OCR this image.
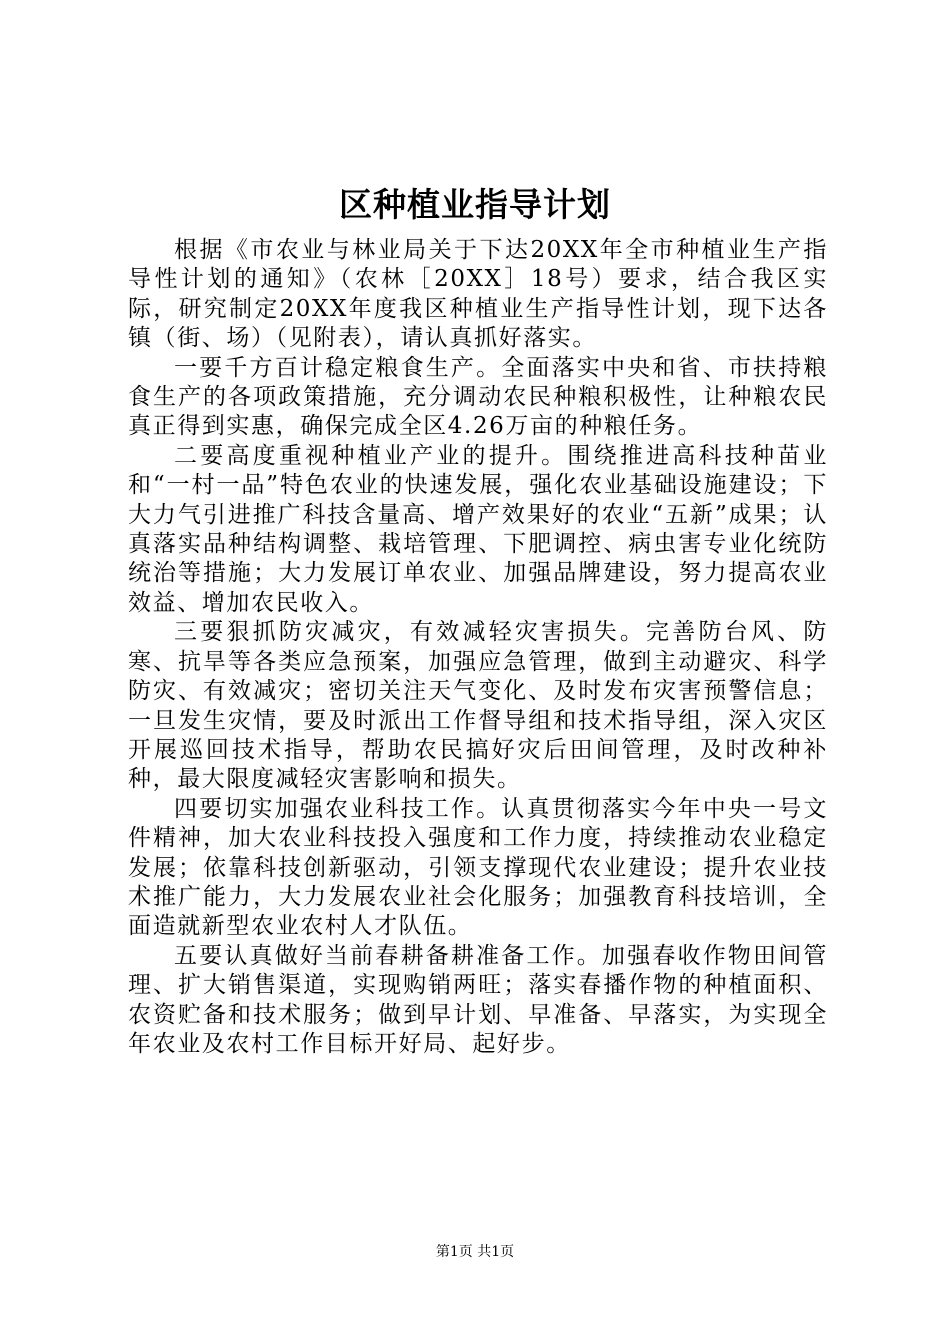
区种植业指导计划

根据《市农业与林业局关于下达20XX年全市种植业生产指导性计划的通知》（农林［20XX］18号）要求，结合我区实际，研究制定20XX年度我区种植业生产指导性计划，现下达各镇（街、场）（见附表），请认真抓好落实。

一要千方百计稳定粮食生产。全面落实中央和省、市扶持粮食生产的各项政策措施，充分调动农民种粮积极性，让种粮农民真正得到实惠，确保完成全区4.26万亩的种粮任务。

二要高度重视种植业产业的提升。围绕推进高科技种苗业和“一村一品”特色农业的快速发展，强化农业基础设施建设；下大力气引进推广科技含量高、增产效果好的农业“五新”成果；认真落实品种结构调整、栽培管理、下肥调控、病虫害专业化统防统治等措施；大力发展订单农业、加强品牌建设，努力提高农业效益、增加农民收入。

三要狠抓防灾减灾，有效减轻灾害损失。完善防台风、防寒、抗旱等各类应急预案，加强应急管理，做到主动避灾、科学防灾、有效减灾；密切关注天气变化、及时发布灾害预警信息；一旦发生灾情，要及时派出工作督导组和技术指导组，深入灾区开展巡回技术指导，帮助农民搞好灾后田间管理，及时改种补种，最大限度减轻灾害影响和损失。

四要切实加强农业科技工作。认真贯彻落实今年中央一号文件精神，加大农业科技投入强度和工作力度，持续推动农业稳定发展；依靠科技创新驱动，引领支撑现代农业建设；提升农业技术推广能力，大力发展农业社会化服务；加强教育科技培训，全面造就新型农业农村人才队伍。

五要认真做好当前春耕备耕准备工作。加强春收作物田间管理、扩大销售渠道，实现购销两旺；落实春播作物的种植面积、农资贮备和技术服务；做到早计划、早准备、早落实，为实现全年农业及农村工作目标开好局、起好步。

第1页 共1页
